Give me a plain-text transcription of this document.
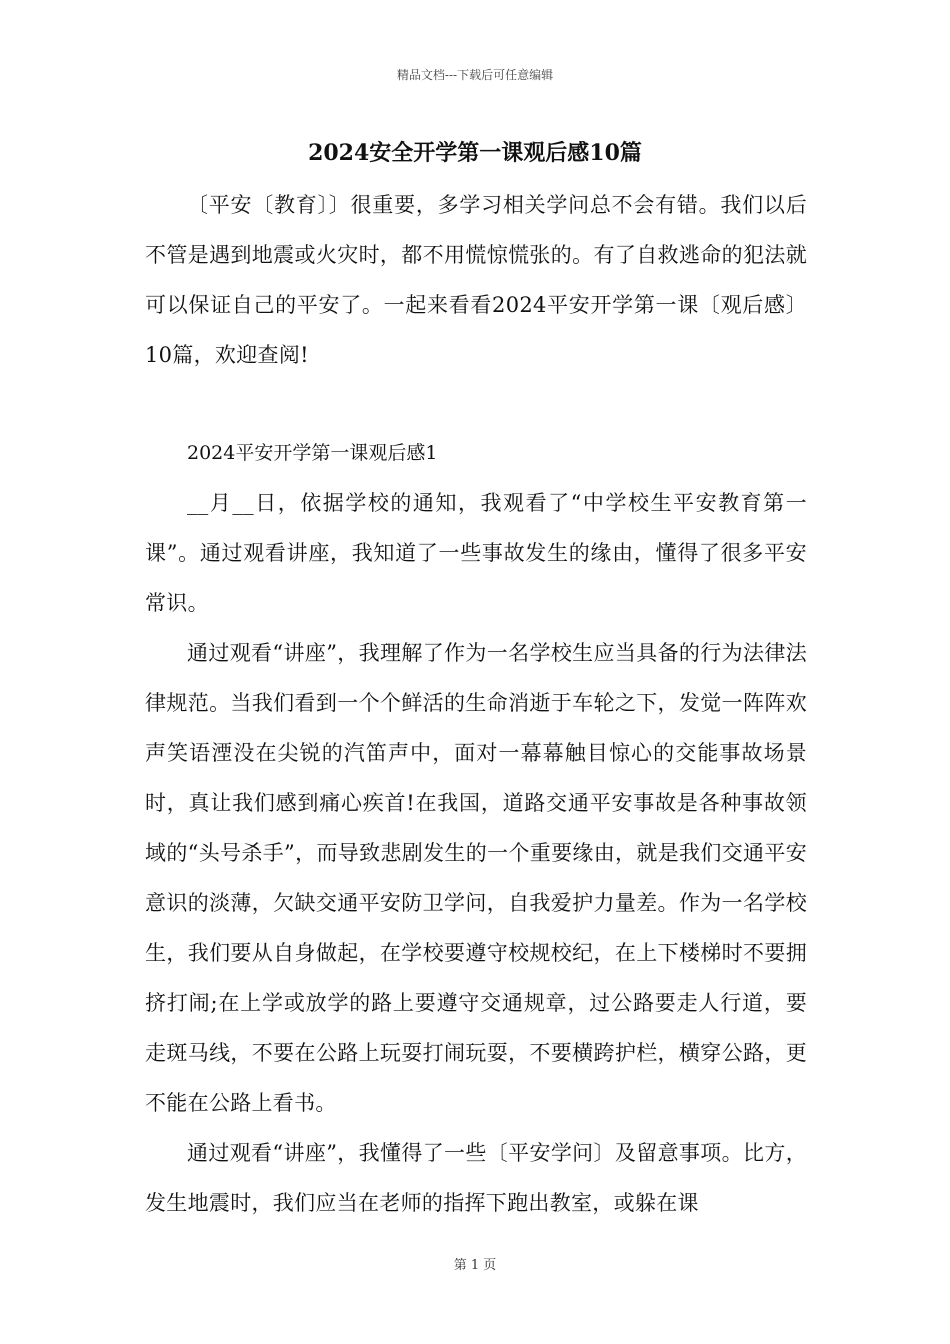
精品文档---下载后可任意编辑
2024安全开学第一课观后感10篇

〔平安〔教育〕〕很重要，多学习相关学问总不会有错。我们以后不管是遇到地震或火灾时，都不用慌惊慌张的。有了自救逃命的犯法就可以保证自己的平安了。一起来看看2024平安开学第一课〔观后感〕10篇，欢迎查阅!

2024平安开学第一课观后感1

__月__日，依据学校的通知，我观看了“中学校生平安教育第一课”。通过观看讲座，我知道了一些事故发生的缘由，懂得了很多平安常识。

通过观看“讲座”，我理解了作为一名学校生应当具备的行为法律法律规范。当我们看到一个个鲜活的生命消逝于车轮之下，发觉一阵阵欢声笑语湮没在尖锐的汽笛声中，面对一幕幕触目惊心的交能事故场景时，真让我们感到痛心疾首!在我国，道路交通平安事故是各种事故领域的“头号杀手”，而导致悲剧发生的一个重要缘由，就是我们交通平安意识的淡薄，欠缺交通平安防卫学问，自我爱护力量差。作为一名学校生，我们要从自身做起，在学校要遵守校规校纪，在上下楼梯时不要拥挤打闹;在上学或放学的路上要遵守交通规章，过公路要走人行道，要走斑马线，不要在公路上玩耍打闹玩耍，不要横跨护栏，横穿公路，更不能在公路上看书。

通过观看“讲座”，我懂得了一些〔平安学问〕及留意事项。比方，发生地震时，我们应当在老师的指挥下跑出教室，或躲在课

第 1 页
